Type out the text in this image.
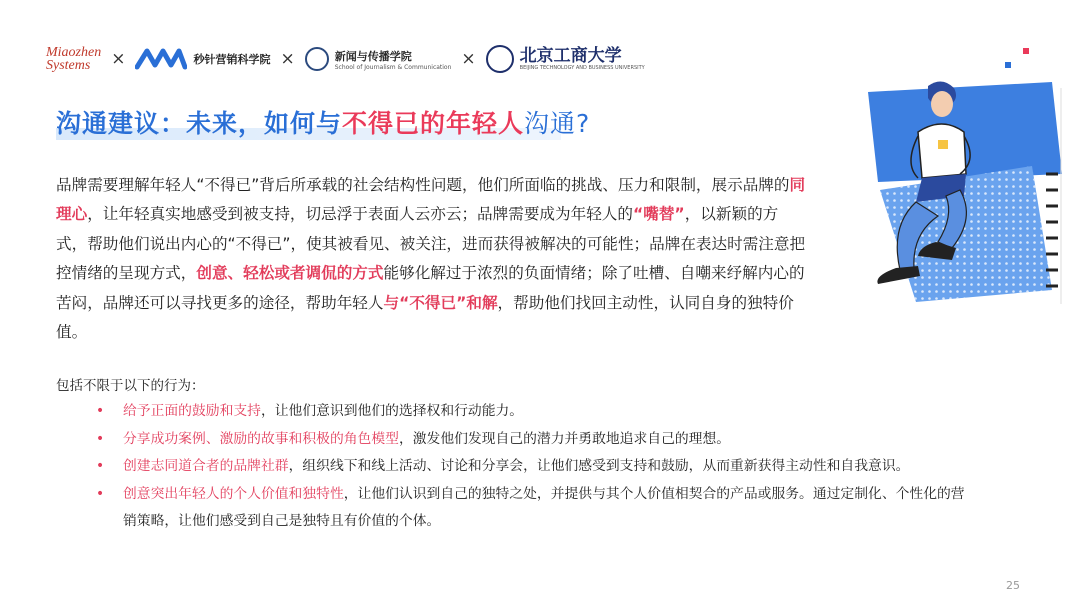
Miaozhen
Systems	×	秒针营销科学院 ×	新闻与传播学院
School of Journalism & Communication ×	北京工商大学
BEIJING TECHNOLOGY AND BUSINESS UNIVERSITY
沟通建议：未来，如何与不得已的年轻人沟通?
品牌需要理解年轻人“不得已”背后所承载的社会结构性问题，他们所面临的挑战、压力和限制，展示品牌的同理心，让年轻真实地感受到被支持，切忌浮于表面人云亦云；品牌需要成为年轻人的“嘴替”，以新颖的方式，帮助他们说出内心的“不得已”，使其被看见、被关注，进而获得被解决的可能性；品牌在表达时需注意把控情绪的呈现方式，创意、轻松或者调侃的方式能够化解过于浓烈的负面情绪；除了吐槽、自嘲来纾解内心的苦闷，品牌还可以寻找更多的途径，帮助年轻人与“不得已”和解，帮助他们找回主动性，认同自身的独特价值。
包括不限于以下的行为：
• 给予正面的鼓励和支持，让他们意识到他们的选择权和行动能力。
• 分享成功案例、激励的故事和积极的角色模型，激发他们发现自己的潜力并勇敢地追求自己的理想。
• 创建志同道合者的品牌社群，组织线下和线上活动、讨论和分享会，让他们感受到支持和鼓励，从而重新获得主动性和自我意识。
• 创意突出年轻人的个人价值和独特性，让他们认识到自己的独特之处，并提供与其个人价值相契合的产品或服务。通过定制化、个性化的营销策略，让他们感受到自己是独特且有价值的个体。
25
